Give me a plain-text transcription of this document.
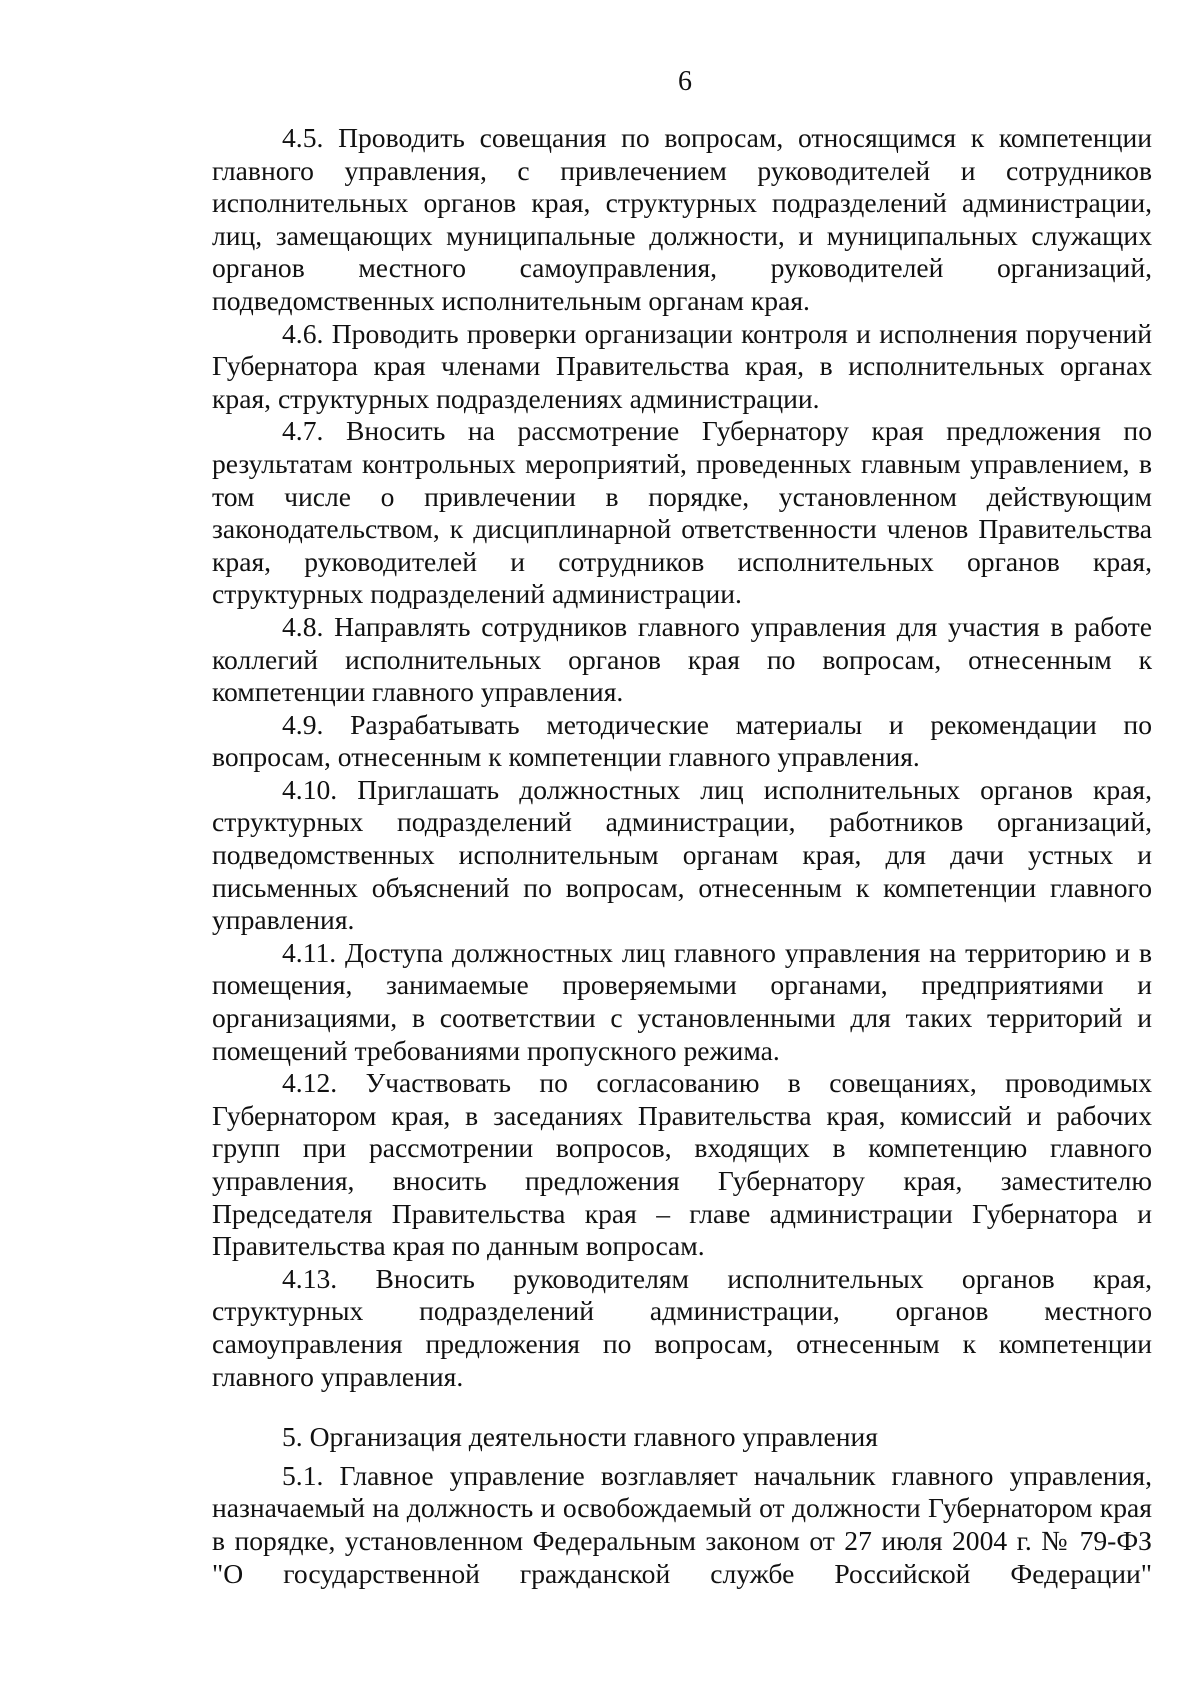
6

4.5. Проводить совещания по вопросам, относящимся к компетенции главного управления, с привлечением руководителей и сотрудников исполнительных органов края, структурных подразделений администрации, лиц, замещающих муниципальные должности, и муниципальных служащих органов местного самоуправления, руководителей организаций, подведомственных исполнительным органам края.

4.6. Проводить проверки организации контроля и исполнения поручений Губернатора края членами Правительства края, в исполнительных органах края, структурных подразделениях администрации.

4.7. Вносить на рассмотрение Губернатору края предложения по результатам контрольных мероприятий, проведенных главным управлением, в том числе о привлечении в порядке, установленном действующим законодательством, к дисциплинарной ответственности членов Правительства края, руководителей и сотрудников исполнительных органов края, структурных подразделений администрации.

4.8. Направлять сотрудников главного управления для участия в работе коллегий исполнительных органов края по вопросам, отнесенным к компетенции главного управления.

4.9. Разрабатывать методические материалы и рекомендации по вопросам, отнесенным к компетенции главного управления.

4.10. Приглашать должностных лиц исполнительных органов края, структурных подразделений администрации, работников организаций, подведомственных исполнительным органам края, для дачи устных и письменных объяснений по вопросам, отнесенным к компетенции главного управления.

4.11. Доступа должностных лиц главного управления на территорию и в помещения, занимаемые проверяемыми органами, предприятиями и организациями, в соответствии с установленными для таких территорий и помещений требованиями пропускного режима.

4.12. Участвовать по согласованию в совещаниях, проводимых Губернатором края, в заседаниях Правительства края, комиссий и рабочих групп при рассмотрении вопросов, входящих в компетенцию главного управления, вносить предложения Губернатору края, заместителю Председателя Правительства края – главе администрации Губернатора и Правительства края по данным вопросам.

4.13. Вносить руководителям исполнительных органов края, структурных подразделений администрации, органов местного самоуправления предложения по вопросам, отнесенным к компетенции главного управления.

5. Организация деятельности главного управления

5.1. Главное управление возглавляет начальник главного управления, назначаемый на должность и освобождаемый от должности Губернатором края в порядке, установленном Федеральным законом от 27 июля 2004 г. № 79-ФЗ "О государственной гражданской службе Российской Федерации"
